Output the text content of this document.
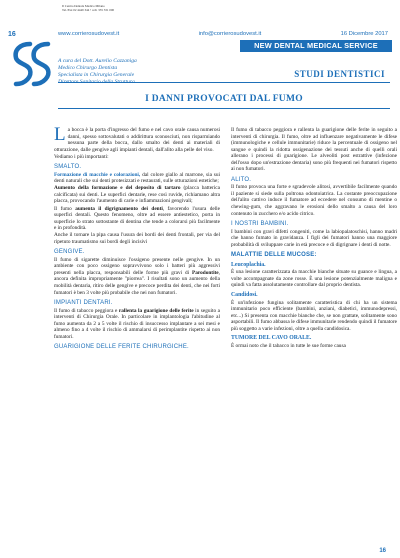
Il Centro Dentale Medico Milano
Tel./Fax 02 4449 344 • cell. 335 331 000
16	www.corrierosudovest.it	info@corrierosudovest.it	16 Dicembre 2017
NEW DENTAL MEDICAL SERVICE
A cura del Dott. Aurelio Cazzaniga
Medico Chirurgo Dentista
Specialista in Chirurgia Generale	STUDI DENTISTICI
I DANNI PROVOCATI DAL FUMO

La bocca è la porta d'ingresso del fumo e nel cavo orale causa numerosi danni, spesso sottovalutati o addirittura sconosciuti, non risparmiando nessuna parte della bocca, dallo smalto dei denti ai materiali di otturazione, dalle gengive agli impianti dentali, dall'alito alla pelle del viso.

Vediamo i più importanti:

SMALTO.

Formazione di macchie e colorazioni, dal colore giallo al marrone, sia sui denti naturali che sui denti protesizzati e restaurati, sulle otturazioni estetiche;

Aumento della formazione e del deposito di tartaro (placca batterica calcificata) sui denti. Le superfici dentarie, rese così ruvide, richiamano altra placca, provocando l'aumento di carie e infiammazioni gengivali;

Il fumo aumenta il digrignamento dei denti, favorendo l'usura delle superfici dentali. Questo fenomeno, oltre ad essere antiestetico, porta in superficie lo strato sottostante di dentina che tende a colorarsi più facilmente e in profondità.

Anche il tornare la pipa causa l'usura dei bordi dei denti frontali, per via del ripetuto traumatismo sui bordi degli incisivi

GENGIVE.

Il fumo di sigarette diminuisce l'ossigeno presente nelle gengive. In un ambiente con poco ossigeno sopravvivono solo i batteri più aggressivi presenti nella placca, responsabili delle forme più gravi di Parodontite, ancora definita impropriamente "piorrea". I risultati sono un aumento della mobilità dentaria, ritiro delle gengive e precoce perdita dei denti, che nei forti fumatori è ben 3 volte più probabile che nei non fumatori.

IMPIANTI DENTARI.

Il fumo di tabacco peggiora e rallenta la guarigione delle ferite in seguito a interventi di Chirurgia Orale. In particolare in implantologia l'abitudine al fumo aumenta da 2 a 5 volte il rischio di insuccesso implantare a sei mesi e almeno fino a 4 volte il rischio di ammalarsi di perimplantite rispetto ai non fumatori.

GUARIGIONE DELLE FERITE CHIRURGICHE.

Il fumo di tabacco peggiora e rallenta la guarigione delle ferite in seguito a interventi di chirurgia. Il fumo, oltre ad influenzare negativamente le difese (immunologiche e cellule immunitarie) riduce la percentuale di ossigeno nel sangue e quindi la ridotta ossigenazione dei tessuti anche di quelli orali allerano i processi di guarigione. Le alveoliti post estrattive (infezione dell'osso dopo un'estrazione dentaria) sono più frequenti nei fumatori rispetto ai non fumatori.

ALITO.

Il fumo provoca una forte e sgradevole alitosi, avvertibile facilmente quando il paziente si siede sulla poltrona odontoiatrica. La costante preoccupazione dell'alito cattivo induce il fumatore ad eccedere nel consumo di mentine o chewing-gum, che aggravano le erosioni dello smalto a causa del loro contenuto in zucchero e/o acido citrico.

I NOSTRI BAMBINI.

I bambini con gravi difetti congeniti, come la labiopalatoschisi, hanno madri che hanno fumato in gravidanza. I figli dei fumatori hanno una maggiore probabilità di sviluppare carie in età precoce e di digrignare i denti di notte.

MALATTIE DELLE MUCOSE:
Leucoplachia.

È una lesione caratterizzata da macchie bianche situate su guance e lingua, a volte accompagnate da zone rosse. È una lesione potenzialmente maligna e quindi va fatta assolutamente controllare dal proprio dentista.

Candidosi.

È un'infezione fungina solitamente caratteristica di chi ha un sistema immunitario poco efficiente (bambini, anziani, diabetici, immunodepressi, etc...) Si presenta con macchie bianche che, se non grattate, solitamente sono asportabili. Il fumo abbassa le difese immunitarie rendendo quindi il fumatore più soggetto a varie infezioni, oltre a quella candidosica.

TUMORE DEL CAVO ORALE.

È ormai noto che il tabacco in tutte le sue forme causa

16
